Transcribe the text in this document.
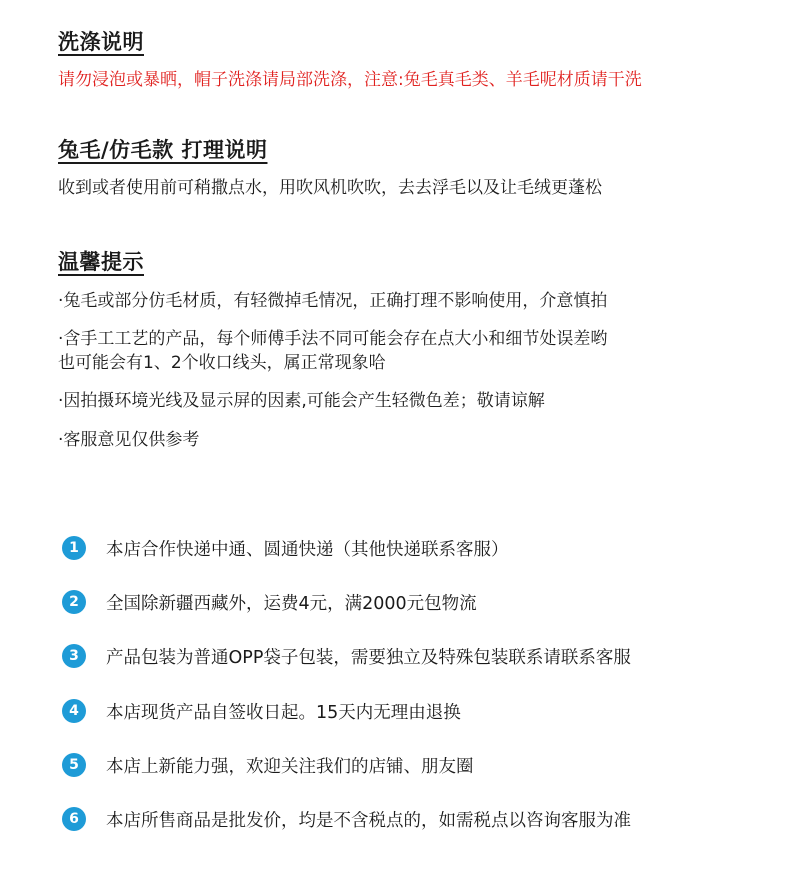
洗涤说明

请勿浸泡或暴晒，帽子洗涤请局部洗涤，注意:兔毛真毛类、羊毛呢材质请干洗

兔毛/仿毛款 打理说明

收到或者使用前可稍撒点水，用吹风机吹吹，去去浮毛以及让毛绒更蓬松

温馨提示
·兔毛或部分仿毛材质，有轻微掉毛情况，正确打理不影响使用，介意慎拍
·含手工工艺的产品，每个师傅手法不同可能会存在点大小和细节处误差哟
也可能会有1、2个收口线头，属正常现象哈
·因拍摄环境光线及显示屏的因素,可能会产生轻微色差；敬请谅解
·客服意见仅供参考
1	本店合作快递中通、圆通快递（其他快递联系客服）
2	全国除新疆西藏外，运费4元，满2000元包物流
3	产品包装为普通OPP袋子包装，需要独立及特殊包装联系请联系客服
4	本店现货产品自签收日起。15天内无理由退换
5	本店上新能力强，欢迎关注我们的店铺、朋友圈
6	本店所售商品是批发价，均是不含税点的，如需税点以咨询客服为准
